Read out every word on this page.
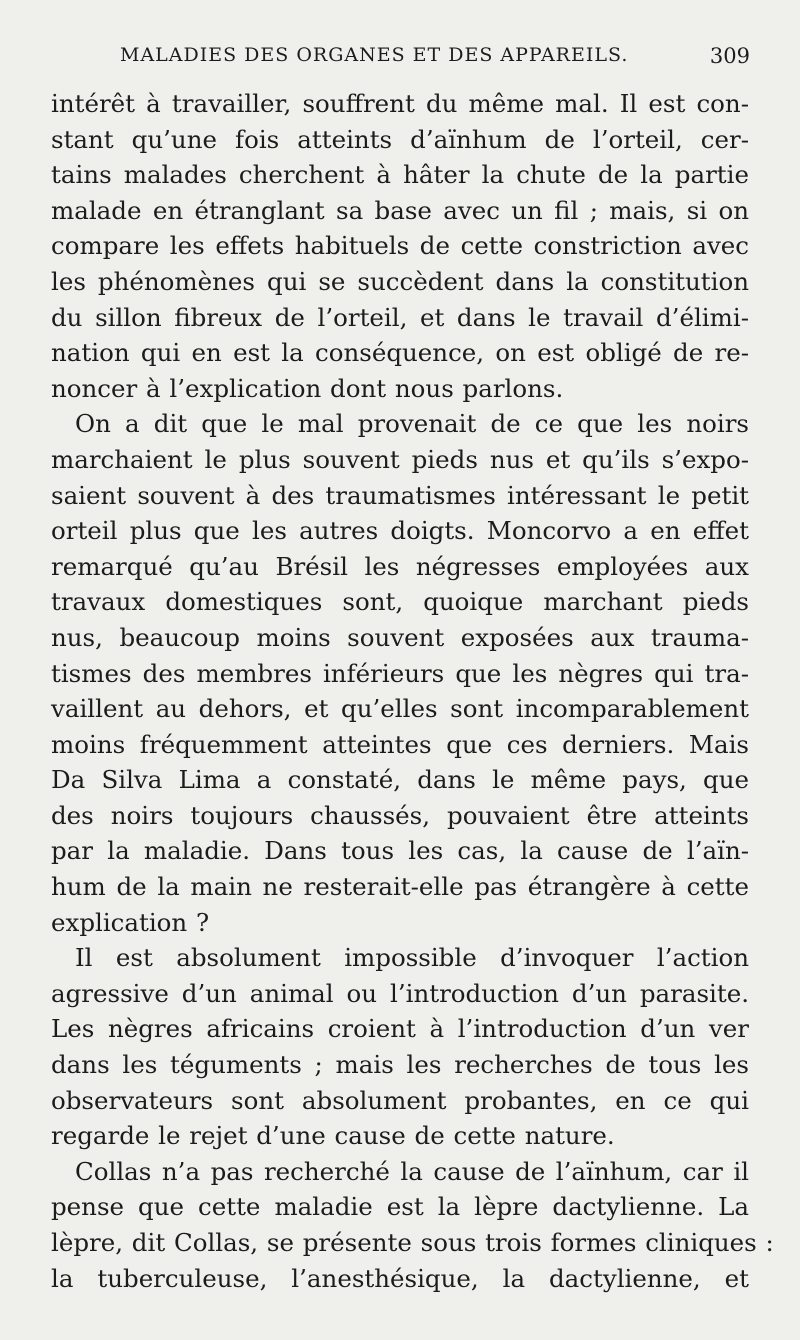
MALADIES DES ORGANES ET DES APPAREILS.	309
intérêt à travailler, souffrent du même mal. Il est con-
stant qu’une fois atteints d’aïnhum de l’orteil, cer-
tains malades cherchent à hâter la chute de la partie
malade en étranglant sa base avec un fil ; mais, si on
compare les effets habituels de cette constriction avec
les phénomènes qui se succèdent dans la constitution
du sillon fibreux de l’orteil, et dans le travail d’élimi-
nation qui en est la conséquence, on est obligé de re-
noncer à l’explication dont nous parlons.
On a dit que le mal provenait de ce que les noirs
marchaient le plus souvent pieds nus et qu’ils s’expo-
saient souvent à des traumatismes intéressant le petit
orteil plus que les autres doigts. Moncorvo a en effet
remarqué qu’au Brésil les négresses employées aux
travaux domestiques sont, quoique marchant pieds
nus, beaucoup moins souvent exposées aux trauma-
tismes des membres inférieurs que les nègres qui tra-
vaillent au dehors, et qu’elles sont incomparablement
moins fréquemment atteintes que ces derniers. Mais
Da Silva Lima a constaté, dans le même pays, que
des noirs toujours chaussés, pouvaient être atteints
par la maladie. Dans tous les cas, la cause de l’aïn-
hum de la main ne resterait-elle pas étrangère à cette
explication ?
Il est absolument impossible d’invoquer l’action
agressive d’un animal ou l’introduction d’un parasite.
Les nègres africains croient à l’introduction d’un ver
dans les téguments ; mais les recherches de tous les
observateurs sont absolument probantes, en ce qui
regarde le rejet d’une cause de cette nature.
Collas n’a pas recherché la cause de l’aïnhum, car il
pense que cette maladie est la lèpre dactylienne. La
lèpre, dit Collas, se présente sous trois formes cliniques :
la tuberculeuse, l’anesthésique, la dactylienne, et
